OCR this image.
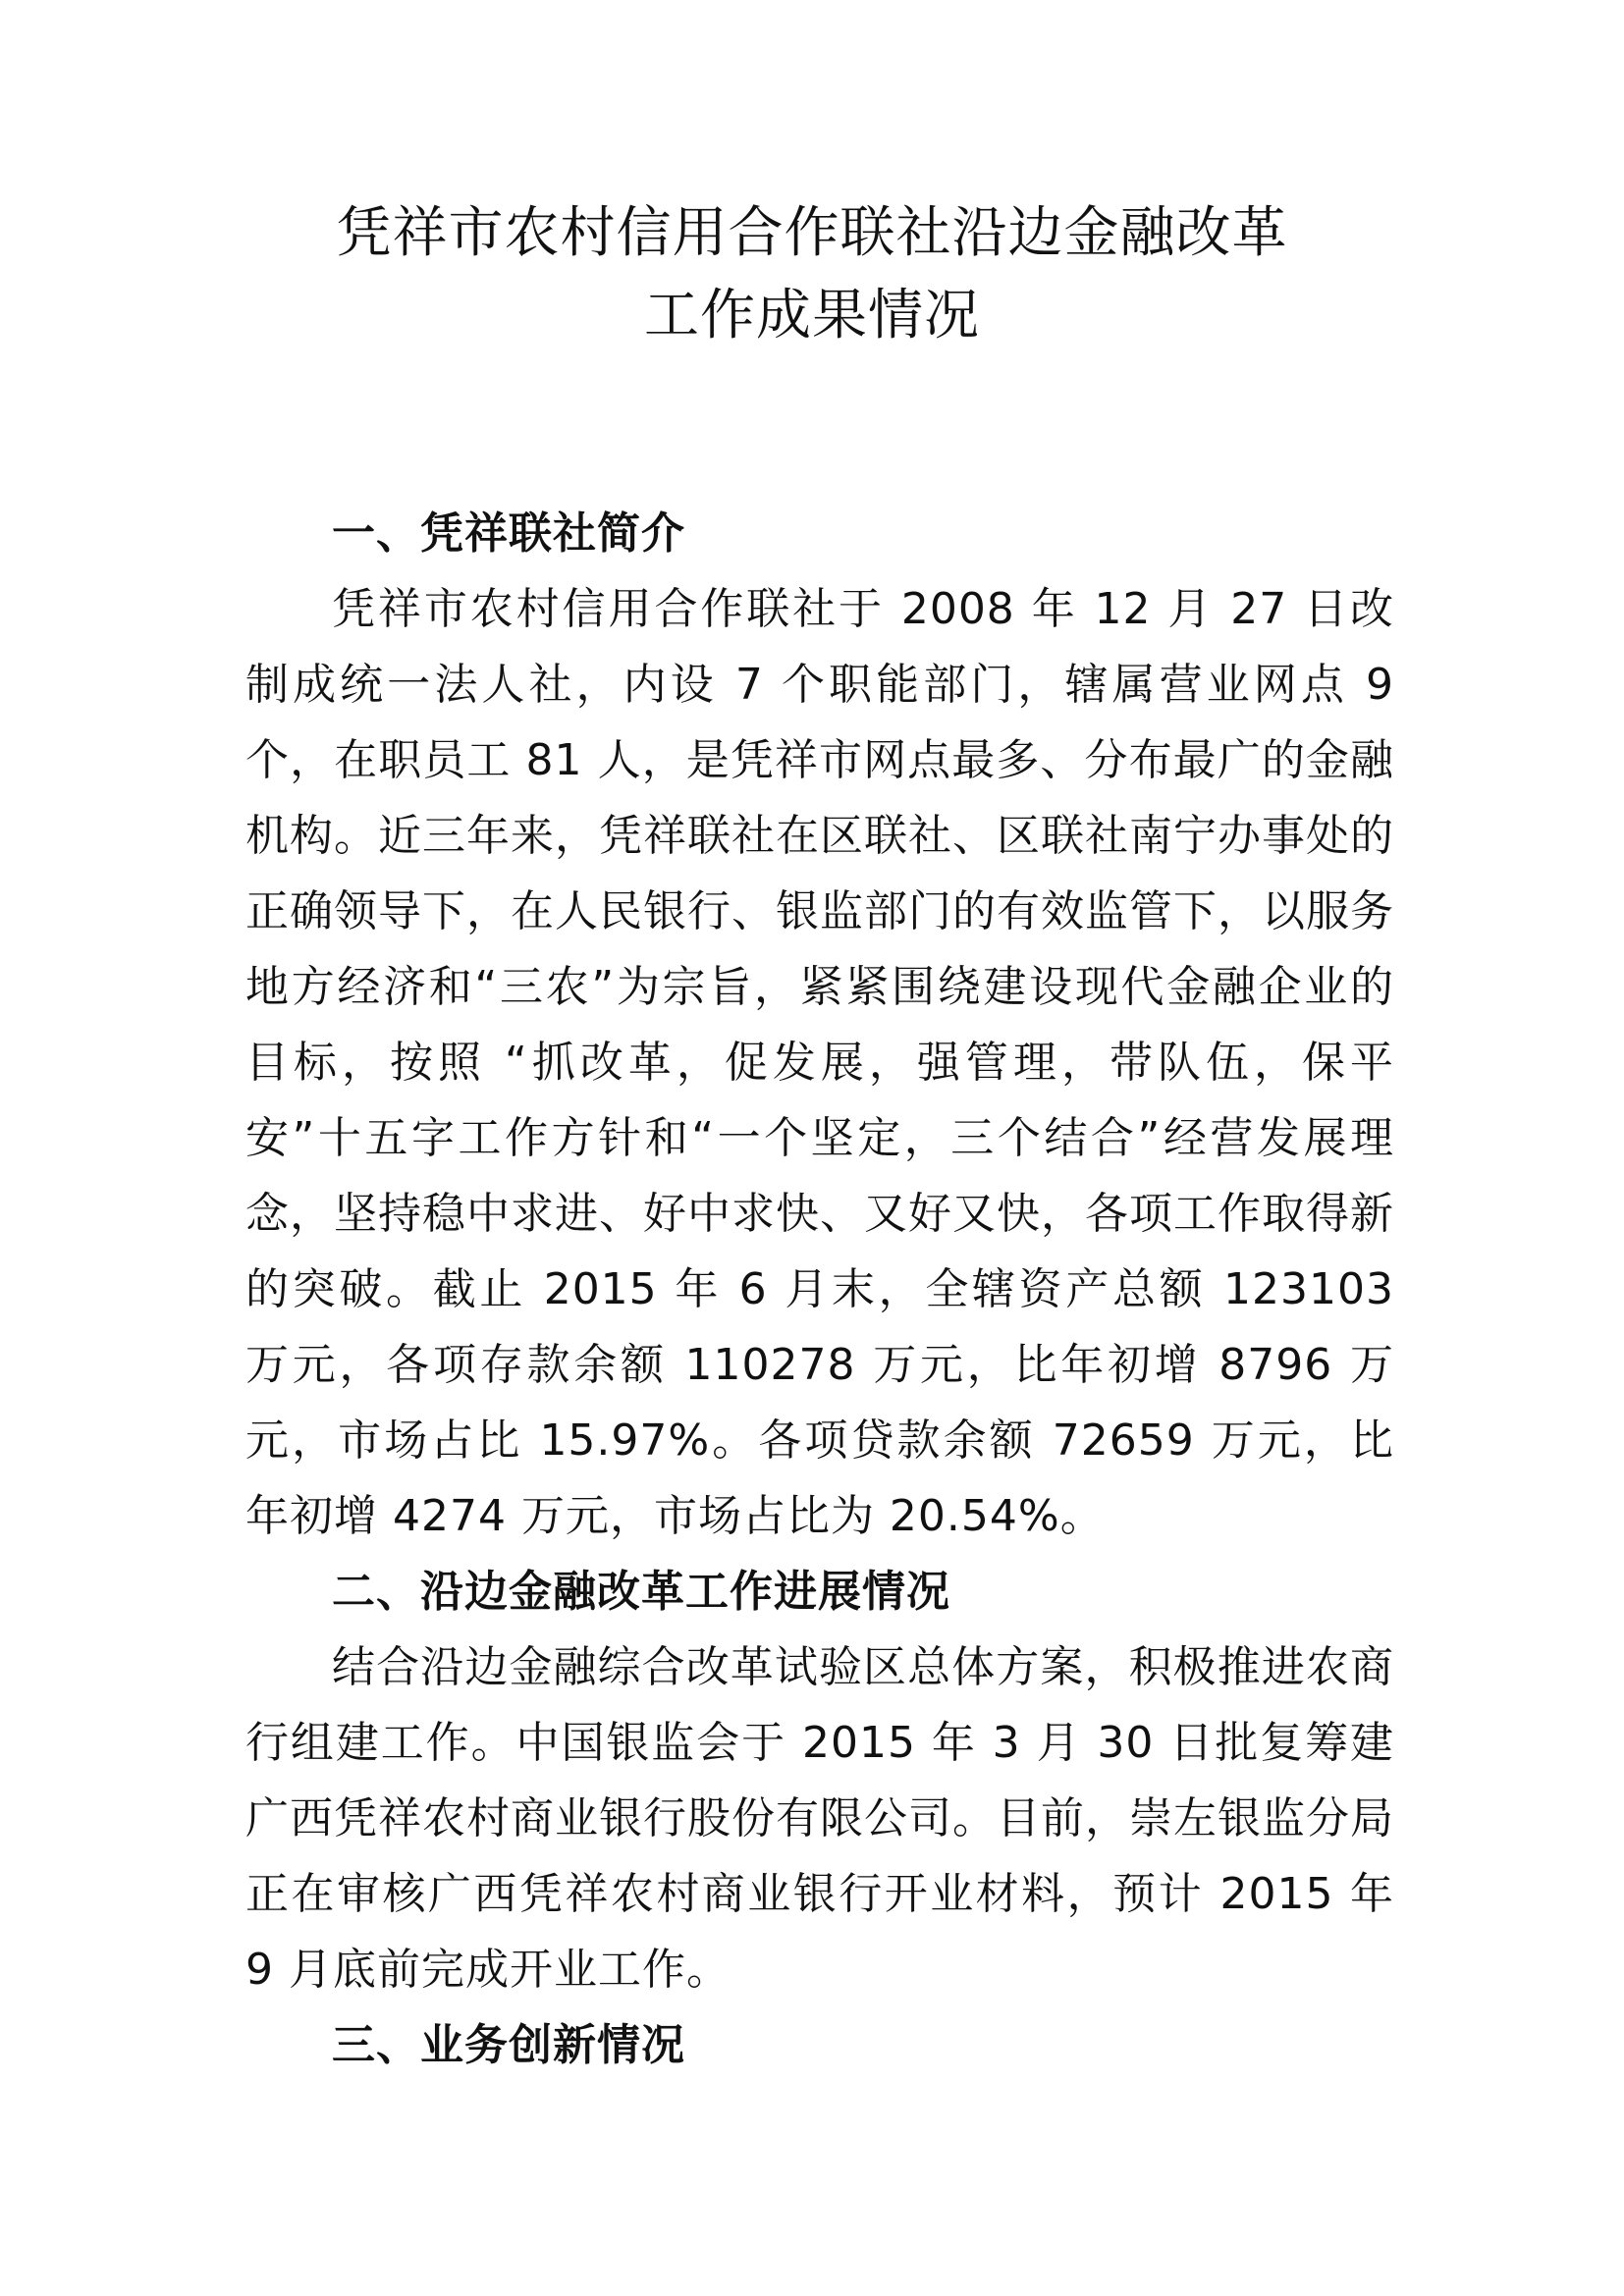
凭祥市农村信用合作联社沿边金融改革
工作成果情况

一、凭祥联社简介

凭祥市农村信用合作联社于 2008 年 12 月 27 日改制成统一法人社，内设 7 个职能部门，辖属营业网点 9 个，在职员工 81 人，是凭祥市网点最多、分布最广的金融机构。近三年来，凭祥联社在区联社、区联社南宁办事处的正确领导下，在人民银行、银监部门的有效监管下，以服务地方经济和“三农”为宗旨，紧紧围绕建设现代金融企业的目标，按照 “抓改革，促发展，强管理，带队伍，保平安”十五字工作方针和“一个坚定，三个结合”经营发展理念，坚持稳中求进、好中求快、又好又快，各项工作取得新的突破。截止 2015 年 6 月末，全辖资产总额 123103 万元，各项存款余额 110278 万元，比年初增 8796 万元，市场占比 15.97%。各项贷款余额 72659 万元，比年初增 4274 万元，市场占比为 20.54%。

二、沿边金融改革工作进展情况

结合沿边金融综合改革试验区总体方案，积极推进农商行组建工作。中国银监会于 2015 年 3 月 30 日批复筹建广西凭祥农村商业银行股份有限公司。目前，崇左银监分局正在审核广西凭祥农村商业银行开业材料，预计 2015 年 9 月底前完成开业工作。

三、业务创新情况
